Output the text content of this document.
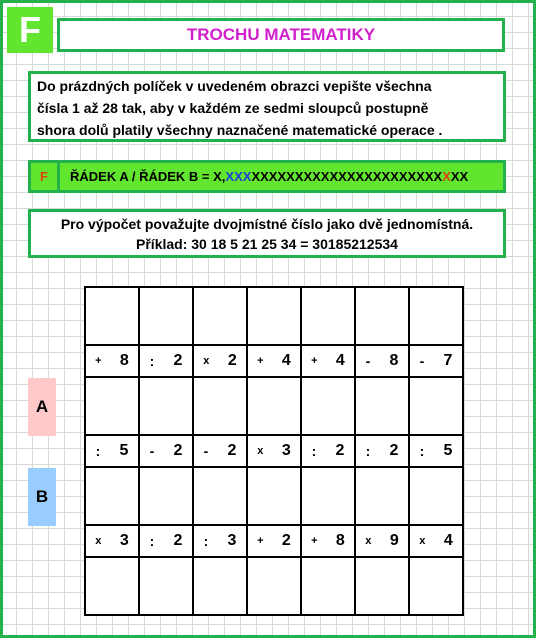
F	TROCHU MATEMATIKY
Do prázdných políček v uvedeném obrazci vepište všechna
čísla 1 až 28 tak, aby v každém ze sedmi sloupců postupně
shora dolů platily všechny naznačené matematické operace .
F	ŘÁDEK A / ŘÁDEK B = X,XXXXXXXXXXXXXXXXXXXXXXXXXXXX
Pro výpočet považujte dvojmístné číslo jako dvě jednomístná.
Příklad: 30 18 5 21 25 34 = 30185212534
A
B

+ 8	: 2	x 2	+ 4	+ 4	- 8	- 7

: 5	- 2	- 2	x 3	: 2	: 2	: 5

x 3	: 2	: 3	+ 2	+ 8	x 9	x 4
